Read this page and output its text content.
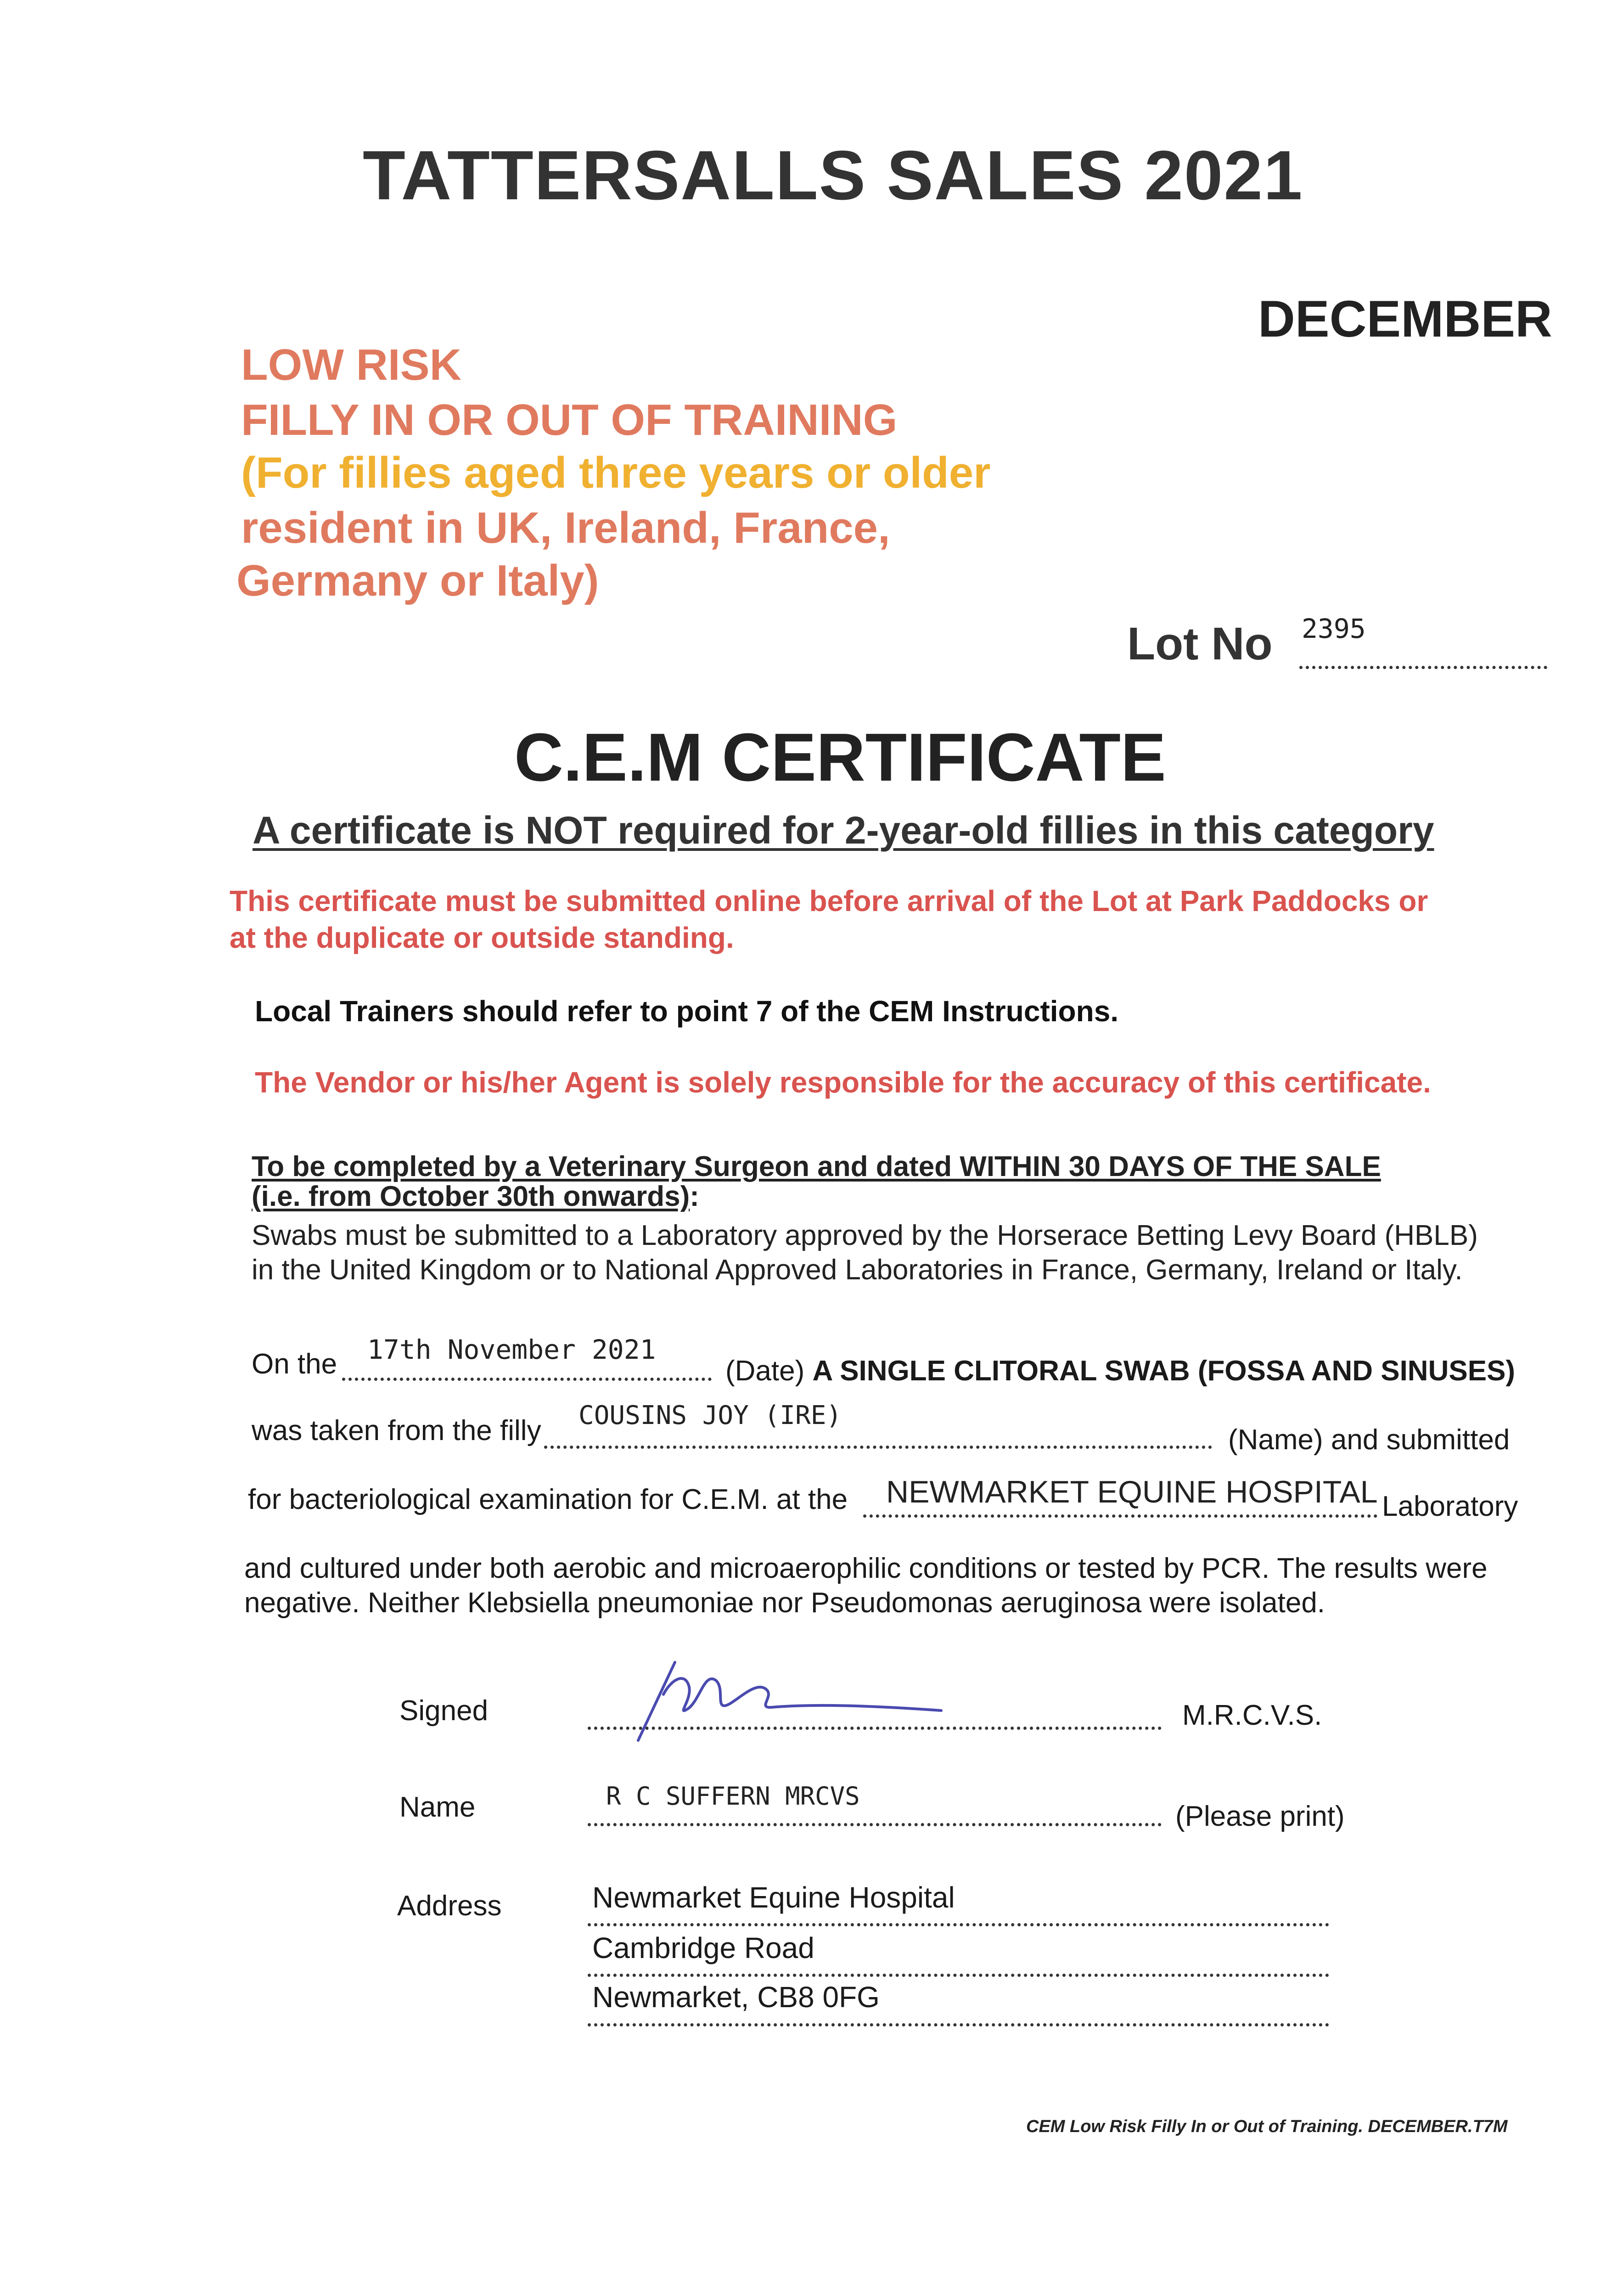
TATTERSALLS SALES 2021
DECEMBER
LOW RISK
FILLY IN OR OUT OF TRAINING
(For fillies aged three years or older
resident in UK, Ireland, France,
Germany or Italy)
Lot No 2395
C.E.M CERTIFICATE
A certificate is NOT required for 2-year-old fillies in this category
This certificate must be submitted online before arrival of the Lot at Park Paddocks or
at the duplicate or outside standing.
Local Trainers should refer to point 7 of the CEM Instructions.
The Vendor or his/her Agent is solely responsible for the accuracy of this certificate.
To be completed by a Veterinary Surgeon and dated WITHIN 30 DAYS OF THE SALE
(i.e. from October 30th onwards):
Swabs must be submitted to a Laboratory approved by the Horserace Betting Levy Board (HBLB)
in the United Kingdom or to National Approved Laboratories in France, Germany, Ireland or Italy.
On the 17th November 2021
(Date) A SINGLE CLITORAL SWAB (FOSSA AND SINUSES)
was taken from the filly COUSINS JOY (IRE)
(Name) and submitted
for bacteriological examination for C.E.M. at the NEWMARKET EQUINE HOSPITAL Laboratory
and cultured under both aerobic and microaerophilic conditions or tested by PCR. The results were
negative. Neither Klebsiella pneumoniae nor Pseudomonas aeruginosa were isolated.
Signed	M.R.C.V.S.
Name	R C SUFFERN MRCVS
(Please print)
Address	Newmarket Equine Hospital
Cambridge Road
Newmarket, CB8 0FG
CEM Low Risk Filly In or Out of Training. DECEMBER.T7M
